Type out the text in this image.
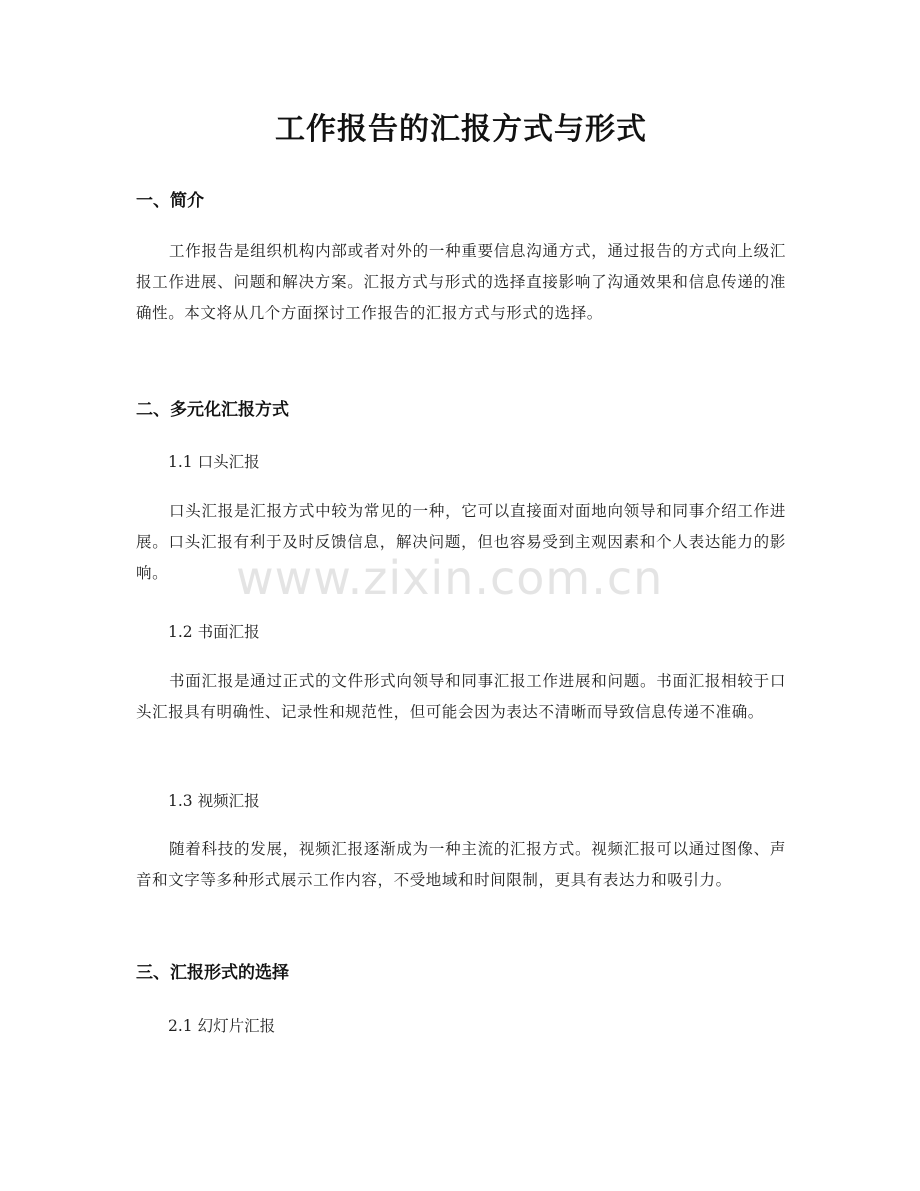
工作报告的汇报方式与形式
一、简介

工作报告是组织机构内部或者对外的一种重要信息沟通方式，通过报告的方式向上级汇报工作进展、问题和解决方案。汇报方式与形式的选择直接影响了沟通效果和信息传递的准确性。本文将从几个方面探讨工作报告的汇报方式与形式的选择。

二、多元化汇报方式
1.1 口头汇报

口头汇报是汇报方式中较为常见的一种，它可以直接面对面地向领导和同事介绍工作进展。口头汇报有利于及时反馈信息，解决问题，但也容易受到主观因素和个人表达能力的影响。

1.2 书面汇报

书面汇报是通过正式的文件形式向领导和同事汇报工作进展和问题。书面汇报相较于口头汇报具有明确性、记录性和规范性，但可能会因为表达不清晰而导致信息传递不准确。

1.3 视频汇报

随着科技的发展，视频汇报逐渐成为一种主流的汇报方式。视频汇报可以通过图像、声音和文字等多种形式展示工作内容，不受地域和时间限制，更具有表达力和吸引力。

三、汇报形式的选择
2.1 幻灯片汇报
www.zixin.com.cn
